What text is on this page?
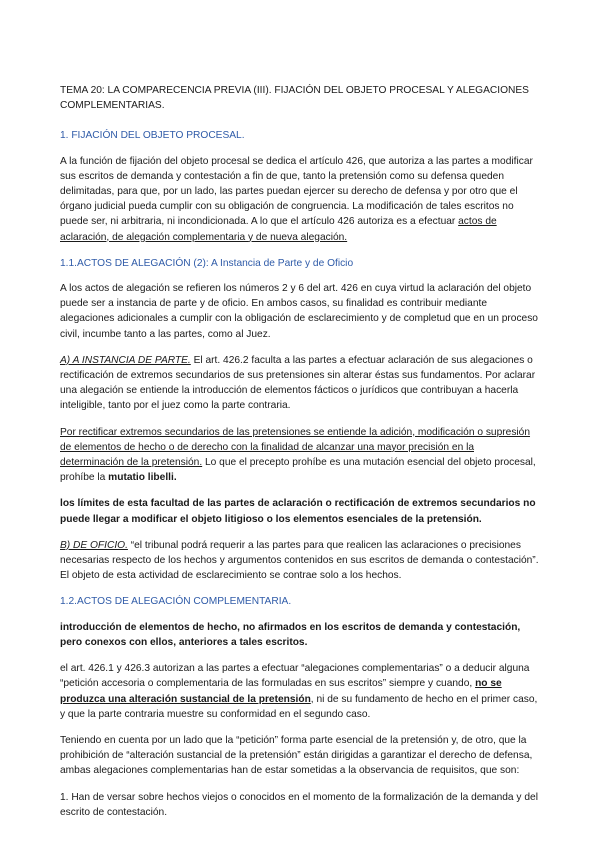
TEMA 20: LA COMPARECENCIA PREVIA (III). FIJACIÓN DEL OBJETO PROCESAL Y ALEGACIONES COMPLEMENTARIAS.

1. FIJACIÓN DEL OBJETO PROCESAL.

A la función de fijación del objeto procesal se dedica el artículo 426, que autoriza a las partes a modificar sus escritos de demanda y contestación a fin de que, tanto la pretensión como su defensa queden delimitadas, para que, por un lado, las partes puedan ejercer su derecho de defensa y por otro que el órgano judicial pueda cumplir con su obligación de congruencia. La modificación de tales escritos no puede ser, ni arbitraria, ni incondicionada. A lo que el artículo 426 autoriza es a efectuar actos de aclaración, de alegación complementaria y de nueva alegación.

1.1.ACTOS DE ALEGACIÓN (2): A Instancia de Parte y de Oficio

A los actos de alegación se refieren los números 2 y 6 del art. 426 en cuya virtud la aclaración del objeto puede ser a instancia de parte y de oficio. En ambos casos, su finalidad es contribuir mediante alegaciones adicionales a cumplir con la obligación de esclarecimiento y de completud que en un proceso civil, incumbe tanto a las partes, como al Juez.

A) A INSTANCIA DE PARTE. El art. 426.2 faculta a las partes a efectuar aclaración de sus alegaciones o rectificación de extremos secundarios de sus pretensiones sin alterar éstas sus fundamentos. Por aclarar una alegación se entiende la introducción de elementos fácticos o jurídicos que contribuyan a hacerla inteligible, tanto por el juez como la parte contraria.

Por rectificar extremos secundarios de las pretensiones se entiende la adición, modificación o supresión de elementos de hecho o de derecho con la finalidad de alcanzar una mayor precisión en la determinación de la pretensión. Lo que el precepto prohíbe es una mutación esencial del objeto procesal, prohíbe la mutatio libelli.

los límites de esta facultad de las partes de aclaración o rectificación de extremos secundarios no puede llegar a modificar el objeto litigioso o los elementos esenciales de la pretensión.

B) DE OFICIO. “el tribunal podrá requerir a las partes para que realicen las aclaraciones o precisiones necesarias respecto de los hechos y argumentos contenidos en sus escritos de demanda o contestación”. El objeto de esta actividad de esclarecimiento se contrae solo a los hechos.

1.2.ACTOS DE ALEGACIÓN COMPLEMENTARIA.

introducción de elementos de hecho, no afirmados en los escritos de demanda y contestación, pero conexos con ellos, anteriores a tales escritos.

el art. 426.1 y 426.3 autorizan a las partes a efectuar “alegaciones complementarias” o a deducir alguna “petición accesoria o complementaria de las formuladas en sus escritos” siempre y cuando, no se produzca una alteración sustancial de la pretensión, ni de su fundamento de hecho en el primer caso, y que la parte contraria muestre su conformidad en el segundo caso.

Teniendo en cuenta por un lado que la “petición” forma parte esencial de la pretensión y, de otro, que la prohibición de “alteración sustancial de la pretensión” están dirigidas a garantizar el derecho de defensa, ambas alegaciones complementarias han de estar sometidas a la observancia de requisitos, que son:

1. Han de versar sobre hechos viejos o conocidos en el momento de la formalización de la demanda y del escrito de contestación.
